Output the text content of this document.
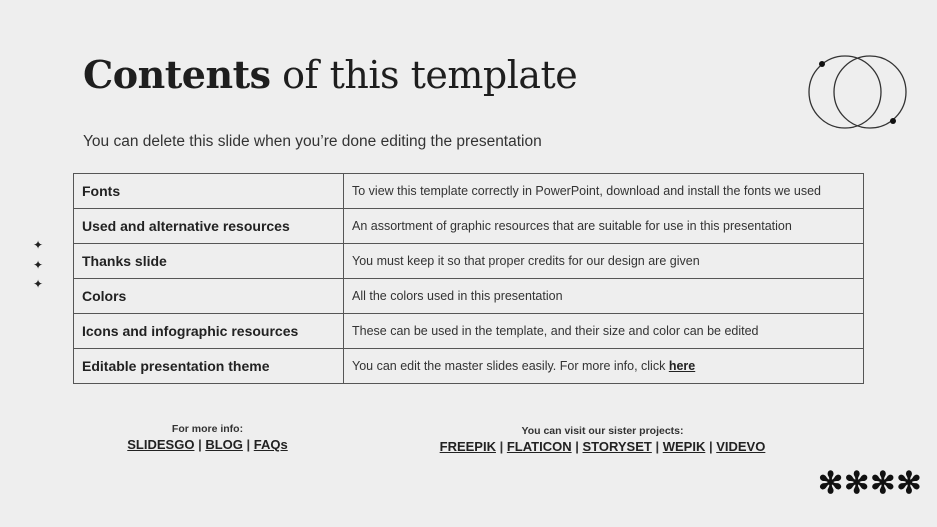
Contents of this template
You can delete this slide when you’re done editing the presentation
✦
✦
✦
Fonts	To view this template correctly in PowerPoint, download and install the fonts we used
Used and alternative resources	An assortment of graphic resources that are suitable for use in this presentation
Thanks slide	You must keep it so that proper credits for our design are given
Colors	All the colors used in this presentation
Icons and infographic resources	These can be used in the template, and their size and color can be edited
Editable presentation theme	You can edit the master slides easily. For more info, click here
For more info:
SLIDESGO | BLOG | FAQs
You can visit our sister projects:
FREEPIK | FLATICON | STORYSET | WEPIK | VIDEVO
✻✻✻✻
